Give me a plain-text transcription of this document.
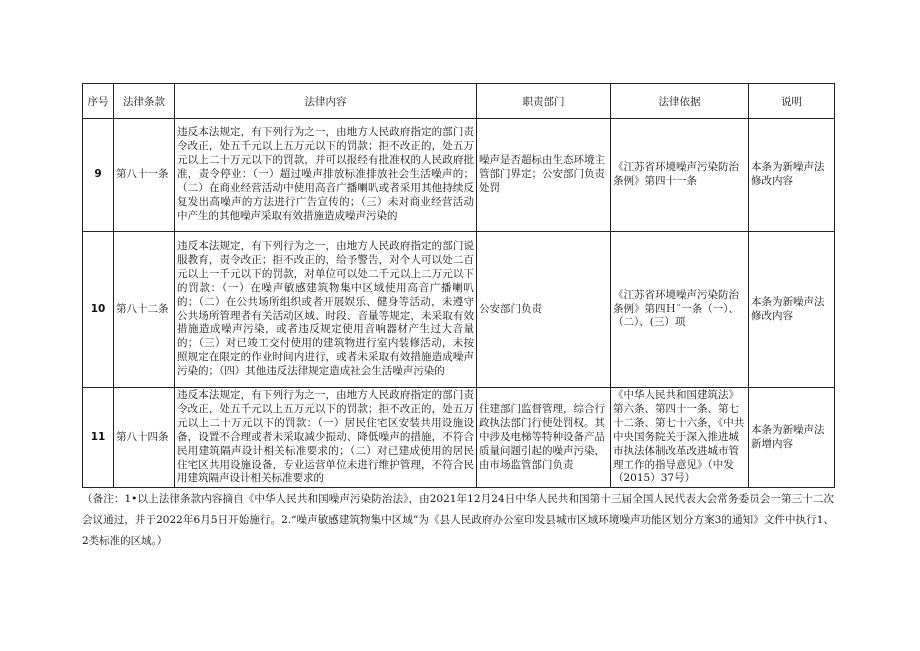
序号	法律条款	法律内容	职责部门	法律依据	说明
9	第八十一条	违反本法规定，有下列行为之一，由地方人民政府指定的部门责令改正，处五千元以上五万元以下的罚款；拒不改正的，处五万元以上二十万元以下的罚款，并可以报经有批准权的人民政府批准，责令停业：（一）超过噪声排放标准排放社会生活噪声的；（二）在商业经营活动中使用高音广播喇叭或者采用其他持续反复发出高噪声的方法进行广告宣传的；（三）未对商业经营活动中产生的其他噪声采取有效措施造成噪声污染的	噪声是否超标由生态环境主管部门界定；公安部门负责处罚	《江苏省环境噪声污染防治条例》第四十一条	本条为新噪声法修改内容
10	第八十二条	违反本法规定，有下列行为之一，由地方人民政府指定的部门说服教育，责令改正；拒不改正的，给予警告，对个人可以处二百元以上一千元以下的罚款，对单位可以处二千元以上二万元以下的罚款：（一）在噪声敏感建筑物集中区域使用高音广播喇叭的；（二）在公共场所组织或者开展娱乐、健身等活动，未遵守公共场所管理者有关活动区域、时段、音量等规定，未采取有效措施造成噪声污染，或者违反规定使用音响器材产生过大音量的；（三）对已竣工交付使用的建筑物进行室内装修活动，未按照规定在限定的作业时间内进行，或者未采取有效措施造成噪声污染的；（四）其他违反法律规定造成社会生活噪声污染的	公安部门负责	《江苏省环境噪声污染防治条例》第四Ｈ¨一条（一）、（二）、(三）项	本条为新噪声法修改内容
11	第八十四条	违反本法规定，有下列行为之一，由地方人民政府指定的部门责令改正，处五千元以上五万元以下的罚款；拒不改正的，处五万元以上二十万元以下的罚款：（一）居民住宅区安装共用设施设备，设置不合理或者未采取减少振动、降低噪声的措施，不符合民用建筑隔声设计相关标准要求的；（二）对已建成使用的居民住宅区共用设施设备，专业运营单位未进行维护管理，不符合民用建筑隔声设计相关标准要求的	住建部门监督管理，综合行政执法部门行使处罚权。其中涉及电梯等特种设备产品质量问题引起的噪声污染，由市场监管部门负责	《中华人民共和国建筑法》第六条、第四十一条、第七十二条、第七十六条，《中共中央国务院关于深入推进城市执法体制改革改进城市管理工作的指导意见》（中发（2015）37号）	本条为新噪声法新增内容
（备注：1•以上法律条款内容摘自《中华人民共和国噪声污染防治法》，由2021年12月24日中华人民共和国第十三届全国人民代表大会常务委员会一第三十二次会议通过，并于2022年6月5日开始施行。2.“噪声敏感建筑物集中区域”为《县人民政府办公室印发县城市区域环境噪声功能区划分方案3的通知》文件中执行1、2类标准的区域。）
